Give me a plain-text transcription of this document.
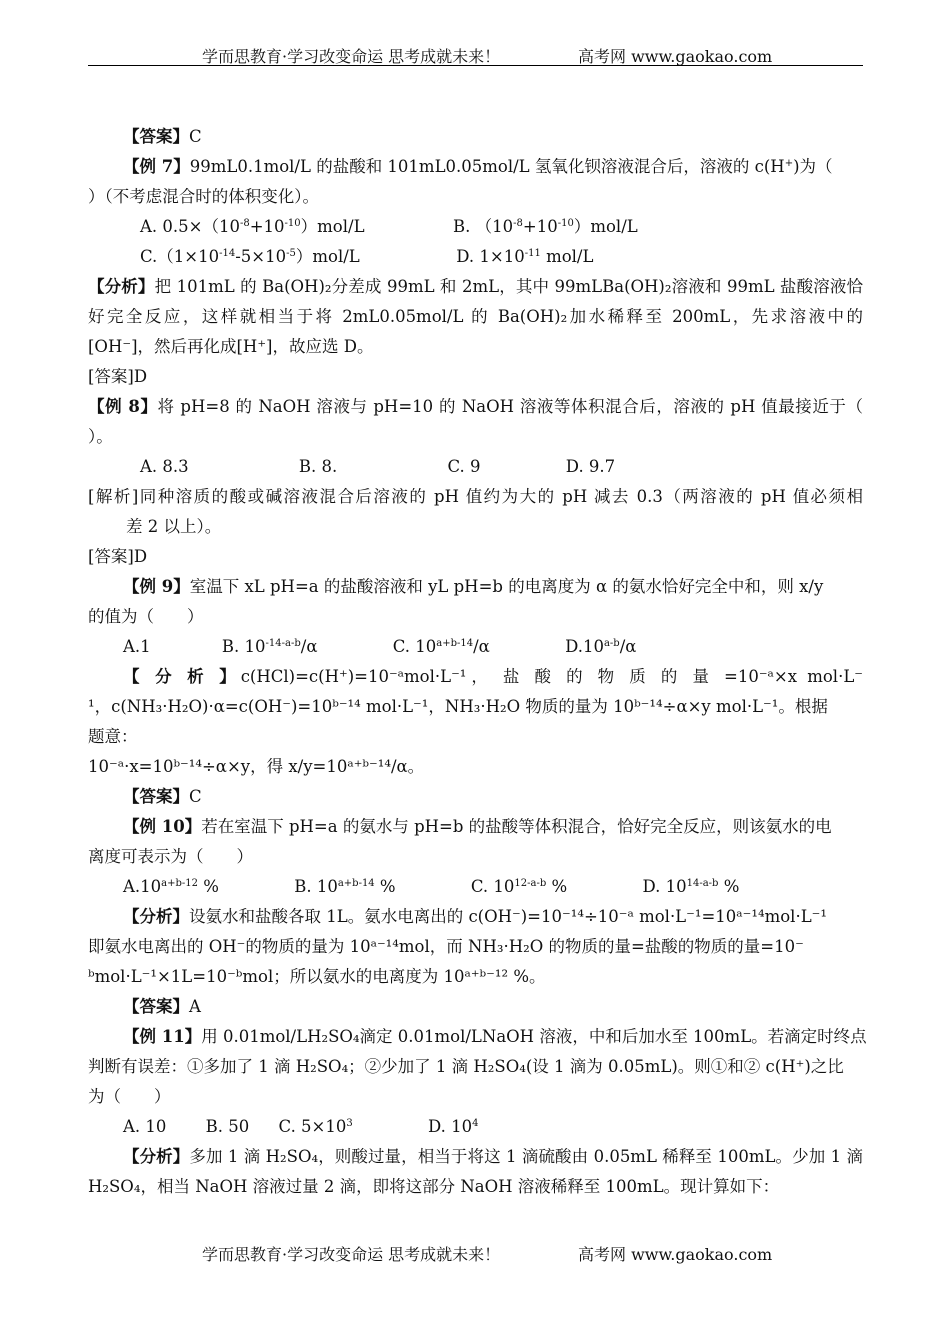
学而思教育·学习改变命运 思考成就未来！	高考网 www.gaokao.com
【答案】C
【例 7】99mL0.1mol/L 的盐酸和 101mL0.05mol/L 氢氧化钡溶液混合后，溶液的 c(H+)为（
）（不考虑混合时的体积变化）。
A. $0.5\times(10^{-8}+10^{-10})mol/L$	B. $(10^{-8}+10^{-10})mol/L$
$C.(1\times 10^{-14}-5\times 10^{-5})mol/L$	D. $1\times 10^{-11}$ mol/L
【分析】把 101mL 的 Ba(OH)₂分差成 99mL 和 2mL，其中 99mLBa(OH)₂溶液和 99mL 盐酸溶液恰
好完全反应，这样就相当于将 2mL0.05mol/L 的 Ba(OH)₂加水稀释至 200mL，先求溶液中的
[OH⁻]，然后再化成[H⁺]，故应选 D。
[答案]D
【例 8】将 pH=8 的 NaOH 溶液与 pH=10 的 NaOH 溶液等体积混合后，溶液的 pH 值最接近于（
）。
A. 8.3	B. 8.	C. 9	D. 9.7
[解析]同种溶质的酸或碱溶液混合后溶液的 pH 值约为大的 pH 减去 0.3（两溶液的 pH 值必须相
差 2 以上）。
[答案]D
【例 9】室温下 xL pH=a 的盐酸溶液和 yL pH=b 的电离度为 α 的氨水恰好完全中和，则 x/y
的值为（　　）
A.1	B. $10^{-14-a-b}/\alpha$	C. $10^{a+b-14}/\alpha$	D.10$^{a-b}$/α
【 分 析 】c(HCl)=c(H⁺)=10⁻ᵃmol·L⁻¹， 盐 酸 的 物 质 的 量 =10⁻ᵃ×x mol·L⁻
¹，c(NH₃·H₂O)·α=c(OH⁻)=10ᵇ⁻¹⁴ mol·L⁻¹，NH₃·H₂O 物质的量为 10ᵇ⁻¹⁴÷α×y mol·L⁻¹。根据
题意：
10⁻ᵃ·x=10ᵇ⁻¹⁴÷α×y，得 x/y=10ᵃ⁺ᵇ⁻¹⁴/α。
【答案】C
【例 10】若在室温下 pH=a 的氨水与 pH=b 的盐酸等体积混合，恰好完全反应，则该氨水的电
离度可表示为（　　）
$A.10^{a+b-12}$ %	B. $10^{a+b-14}$ %	C. 10$^{12-a-b}$ %	D. 10$^{14-a-b}$ %
【分析】设氨水和盐酸各取 1L。氨水电离出的 c(OH⁻)=10⁻¹⁴÷10⁻ᵃ mol·L⁻¹=10ᵃ⁻¹⁴mol·L⁻¹
即氨水电离出的 OH⁻的物质的量为 10ᵃ⁻¹⁴mol，而 NH₃·H₂O 的物质的量=盐酸的物质的量=10⁻
ᵇmol·L⁻¹×1L=10⁻ᵇmol；所以氨水的电离度为 10ᵃ⁺ᵇ⁻¹² %。
【答案】A
【例 11】用 0.01mol/LH₂SO₄滴定 0.01mol/LNaOH 溶液，中和后加水至 100mL。若滴定时终点
判断有误差：①多加了 1 滴 H₂SO₄；②少加了 1 滴 H₂SO₄(设 1 滴为 0.05mL)。则①和② c(H⁺)之比
为（　　）
A. 10 B. 50 C. $5\times 10^3$	D. $10^4$
【分析】多加 1 滴 H₂SO₄，则酸过量，相当于将这 1 滴硫酸由 0.05mL 稀释至 100mL。少加 1 滴
H₂SO₄，相当 NaOH 溶液过量 2 滴，即将这部分 NaOH 溶液稀释至 100mL。现计算如下：
学而思教育·学习改变命运 思考成就未来！	高考网 www.gaokao.com
